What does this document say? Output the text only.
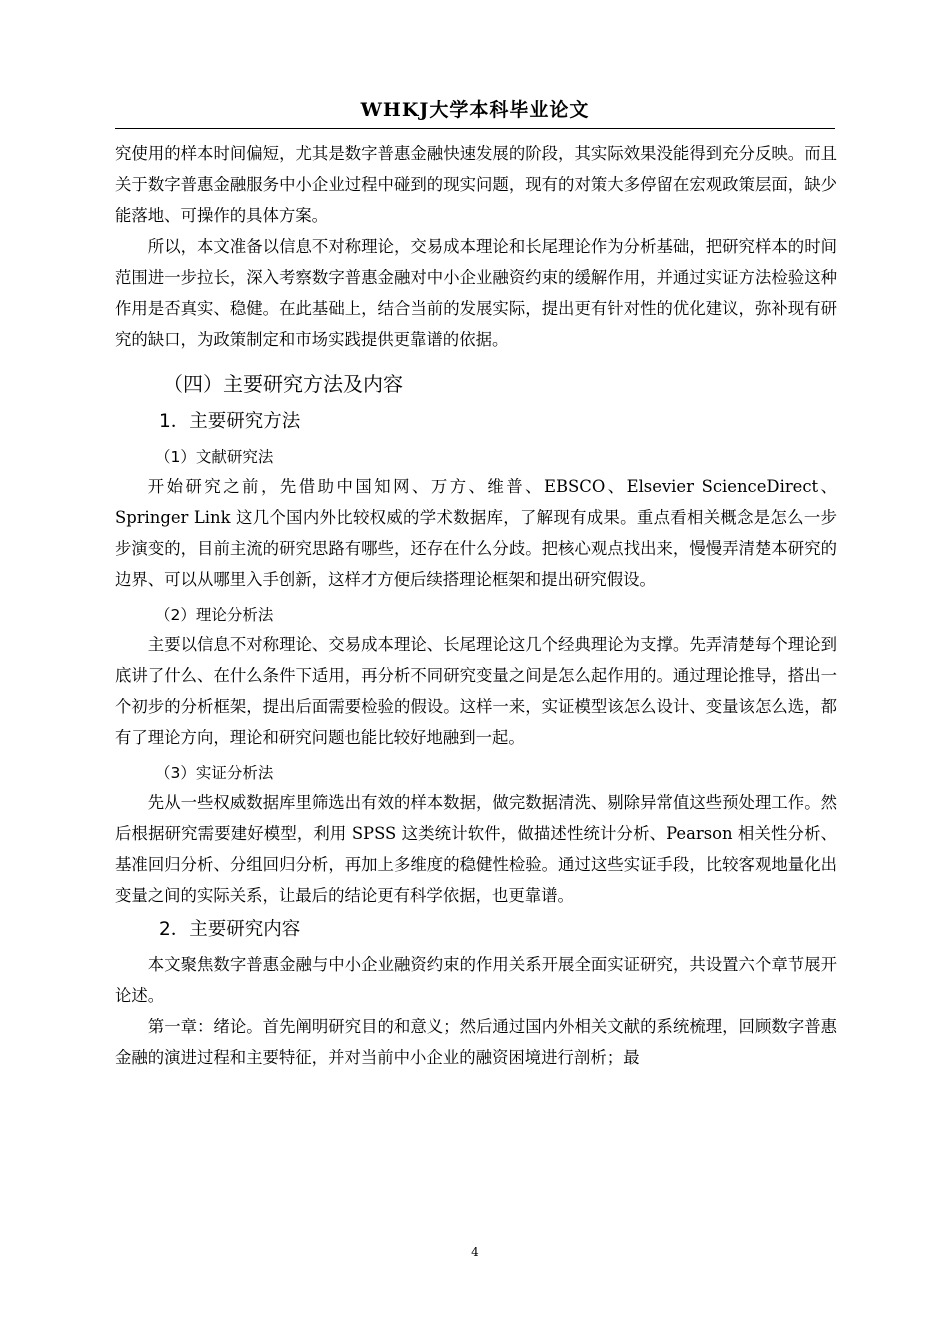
WHKJ大学本科毕业论文

究使用的样本时间偏短，尤其是数字普惠金融快速发展的阶段，其实际效果没能得到充分反映。而且关于数字普惠金融服务中小企业过程中碰到的现实问题，现有的对策大多停留在宏观政策层面，缺少能落地、可操作的具体方案。

所以，本文准备以信息不对称理论，交易成本理论和长尾理论作为分析基础，把研究样本的时间范围进一步拉长，深入考察数字普惠金融对中小企业融资约束的缓解作用，并通过实证方法检验这种作用是否真实、稳健。在此基础上，结合当前的发展实际，提出更有针对性的优化建议，弥补现有研究的缺口，为政策制定和市场实践提供更靠谱的依据。

（四）主要研究方法及内容
1．主要研究方法
（1）文献研究法

开始研究之前，先借助中国知网、万方、维普、EBSCO、Elsevier ScienceDirect、Springer Link 这几个国内外比较权威的学术数据库，了解现有成果。重点看相关概念是怎么一步步演变的，目前主流的研究思路有哪些，还存在什么分歧。把核心观点找出来，慢慢弄清楚本研究的边界、可以从哪里入手创新，这样才方便后续搭理论框架和提出研究假设。

（2）理论分析法

主要以信息不对称理论、交易成本理论、长尾理论这几个经典理论为支撑。先弄清楚每个理论到底讲了什么、在什么条件下适用，再分析不同研究变量之间是怎么起作用的。通过理论推导，搭出一个初步的分析框架，提出后面需要检验的假设。这样一来，实证模型该怎么设计、变量该怎么选，都有了理论方向，理论和研究问题也能比较好地融到一起。

（3）实证分析法

先从一些权威数据库里筛选出有效的样本数据，做完数据清洗、剔除异常值这些预处理工作。然后根据研究需要建好模型，利用 SPSS 这类统计软件，做描述性统计分析、Pearson 相关性分析、基准回归分析、分组回归分析，再加上多维度的稳健性检验。通过这些实证手段，比较客观地量化出变量之间的实际关系，让最后的结论更有科学依据，也更靠谱。

2．主要研究内容

本文聚焦数字普惠金融与中小企业融资约束的作用关系开展全面实证研究，共设置六个章节展开论述。

第一章：绪论。首先阐明研究目的和意义；然后通过国内外相关文献的系统梳理，回顾数字普惠金融的演进过程和主要特征，并对当前中小企业的融资困境进行剖析；最

4
